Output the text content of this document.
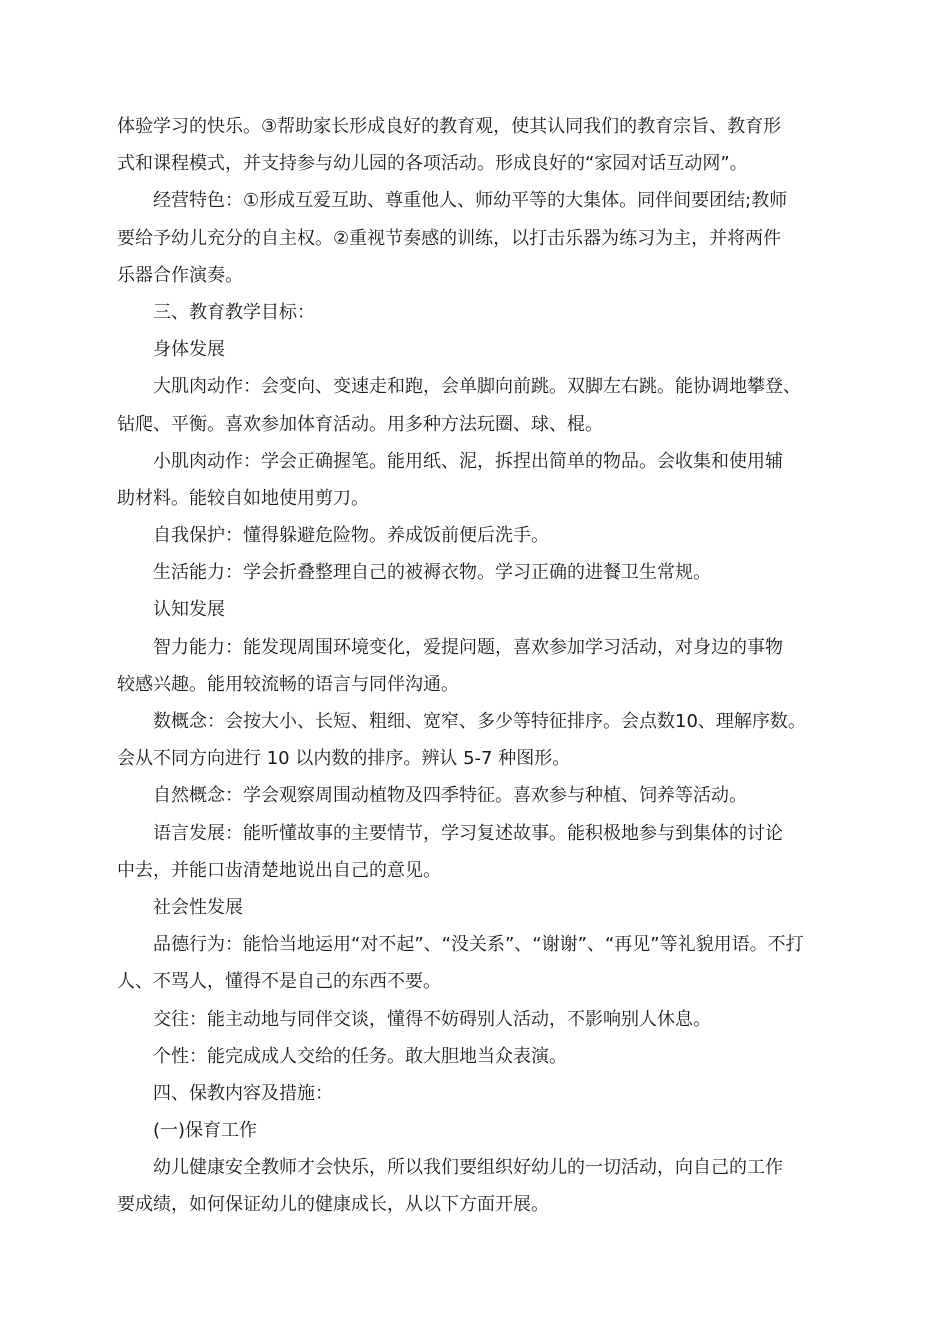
体验学习的快乐。③帮助家长形成良好的教育观，使其认同我们的教育宗旨、教育形
式和课程模式，并支持参与幼儿园的各项活动。形成良好的“家园对话互动网”。

经营特色：①形成互爱互助、尊重他人、师幼平等的大集体。同伴间要团结;教师
要给予幼儿充分的自主权。②重视节奏感的训练，以打击乐器为练习为主，并将两件
乐器合作演奏。

三、教育教学目标：

身体发展

大肌肉动作：会变向、变速走和跑，会单脚向前跳。双脚左右跳。能协调地攀登、
钻爬、平衡。喜欢参加体育活动。用多种方法玩圈、球、棍。

小肌肉动作：学会正确握笔。能用纸、泥，拆捏出简单的物品。会收集和使用辅
助材料。能较自如地使用剪刀。

自我保护：懂得躲避危险物。养成饭前便后洗手。

生活能力：学会折叠整理自己的被褥衣物。学习正确的进餐卫生常规。

认知发展

智力能力：能发现周围环境变化，爱提问题，喜欢参加学习活动，对身边的事物
较感兴趣。能用较流畅的语言与同伴沟通。

数概念：会按大小、长短、粗细、宽窄、多少等特征排序。会点数10、理解序数。
会从不同方向进行 10 以内数的排序。辨认 5-7 种图形。

自然概念：学会观察周围动植物及四季特征。喜欢参与种植、饲养等活动。

语言发展：能听懂故事的主要情节，学习复述故事。能积极地参与到集体的讨论
中去，并能口齿清楚地说出自己的意见。

社会性发展

品德行为：能恰当地运用“对不起”、“没关系”、“谢谢”、“再见”等礼貌用语。不打
人、不骂人，懂得不是自己的东西不要。

交往：能主动地与同伴交谈，懂得不妨碍别人活动，不影响别人休息。

个性：能完成成人交给的任务。敢大胆地当众表演。

四、保教内容及措施：

(一)保育工作

幼儿健康安全教师才会快乐，所以我们要组织好幼儿的一切活动，向自己的工作
要成绩，如何保证幼儿的健康成长，从以下方面开展。
